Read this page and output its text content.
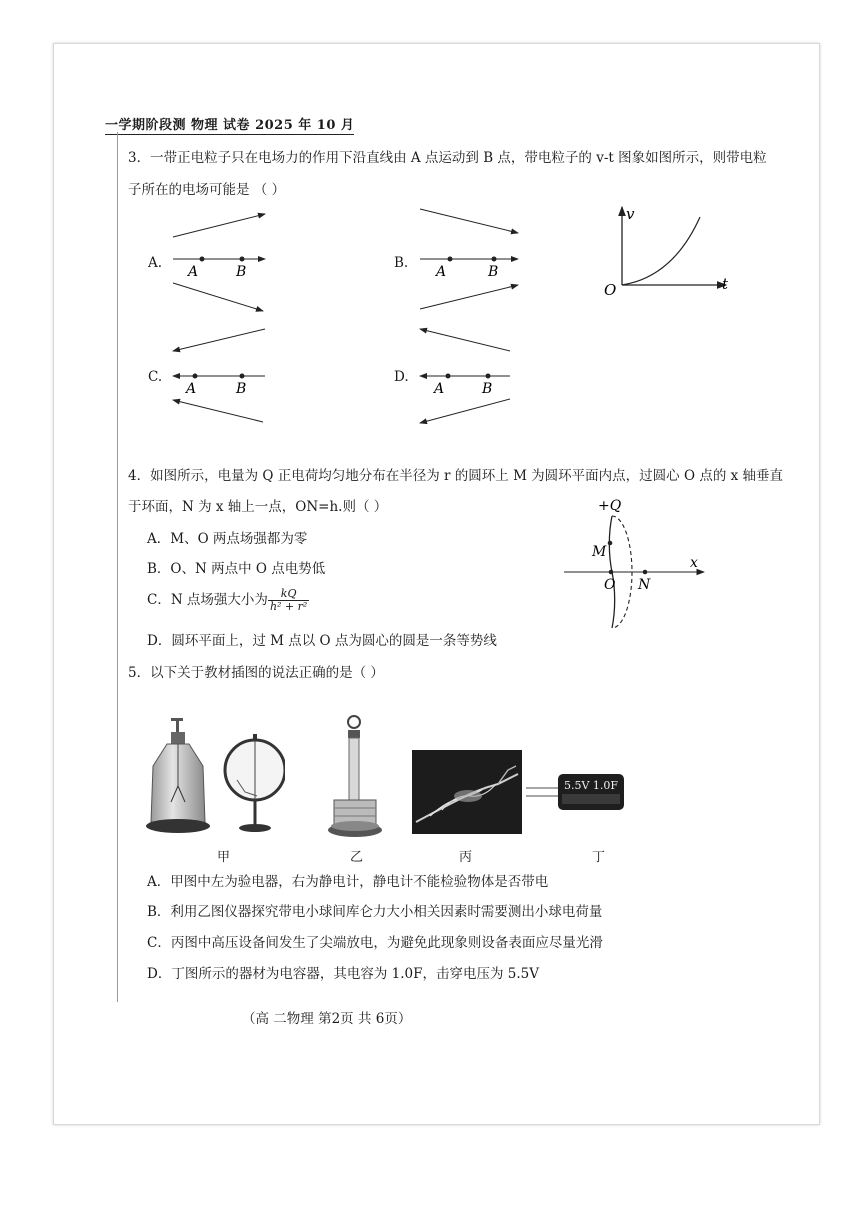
一学期阶段测 物理 试卷 2025 年 10 月
3．一带正电粒子只在电场力的作用下沿直线由 A 点运动到 B 点，带电粒子的 v-t 图象如图所示，则带电粒
子所在的电场可能是 （ ）
A.	B.
C.	D.
A	B	A	B
v
t
O
A	B	A	B
4．如图所示，电量为 Q 正电荷均匀地分布在半径为 r 的圆环上 M 为圆环平面内点，过圆心 O 点的 x 轴垂直
于环面，N 为 x 轴上一点，ON=h.则（ ）
A．M、O 两点场强都为零
B．O、N 两点中 O 点电势低
C．N 点场强大小为 $\frac{kQ}{\text{h² + r²}}$
D．圆环平面上，过 M 点以 O 点为圆心的圆是一条等势线
+Q
M
O N
x
5．以下关于教材插图的说法正确的是（ ）
5.5V 1.0F
甲	乙	丙	丁
A．甲图中左为验电器，右为静电计，静电计不能检验物体是否带电
B．利用乙图仪器探究带电小球间库仑力大小相关因素时需要测出小球电荷量
C．丙图中高压设备间发生了尖端放电，为避免此现象则设备表面应尽量光滑
D．丁图所示的器材为电容器，其电容为 1.0F，击穿电压为 5.5V
（高 二物理 第2页 共 6页）
